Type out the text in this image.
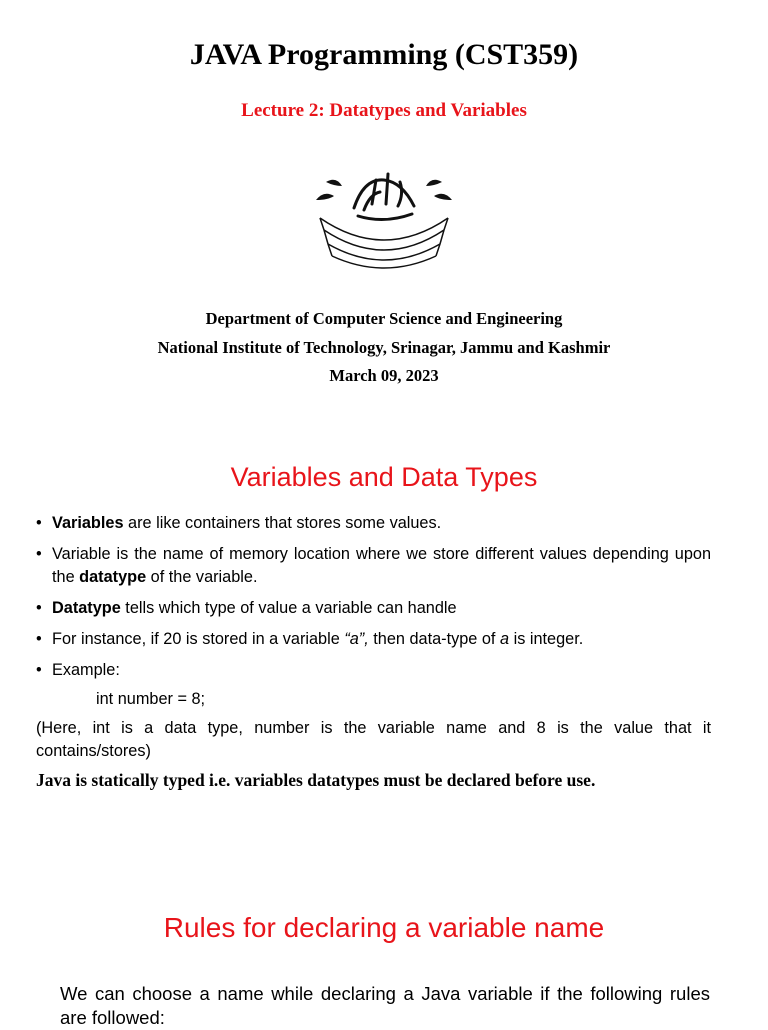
JAVA Programming (CST359)
Lecture 2: Datatypes and Variables
Department of Computer Science and Engineering
National Institute of Technology, Srinagar, Jammu and Kashmir
March 09, 2023
Variables and Data Types
• Variables are like containers that stores some values.
• Variable is the name of memory location where we store different values depending upon the datatype of the variable.
• Datatype tells which type of value a variable can handle
• For instance, if 20 is stored in a variable “a”, then data-type of a is integer.
• Example:
int number = 8;
(Here, int is a data type, number is the variable name and 8 is the value that it contains/stores)
Java is statically typed i.e. variables datatypes must be declared before use.
Rules for declaring a variable name
We can choose a name while declaring a Java variable if the following rules are followed:
